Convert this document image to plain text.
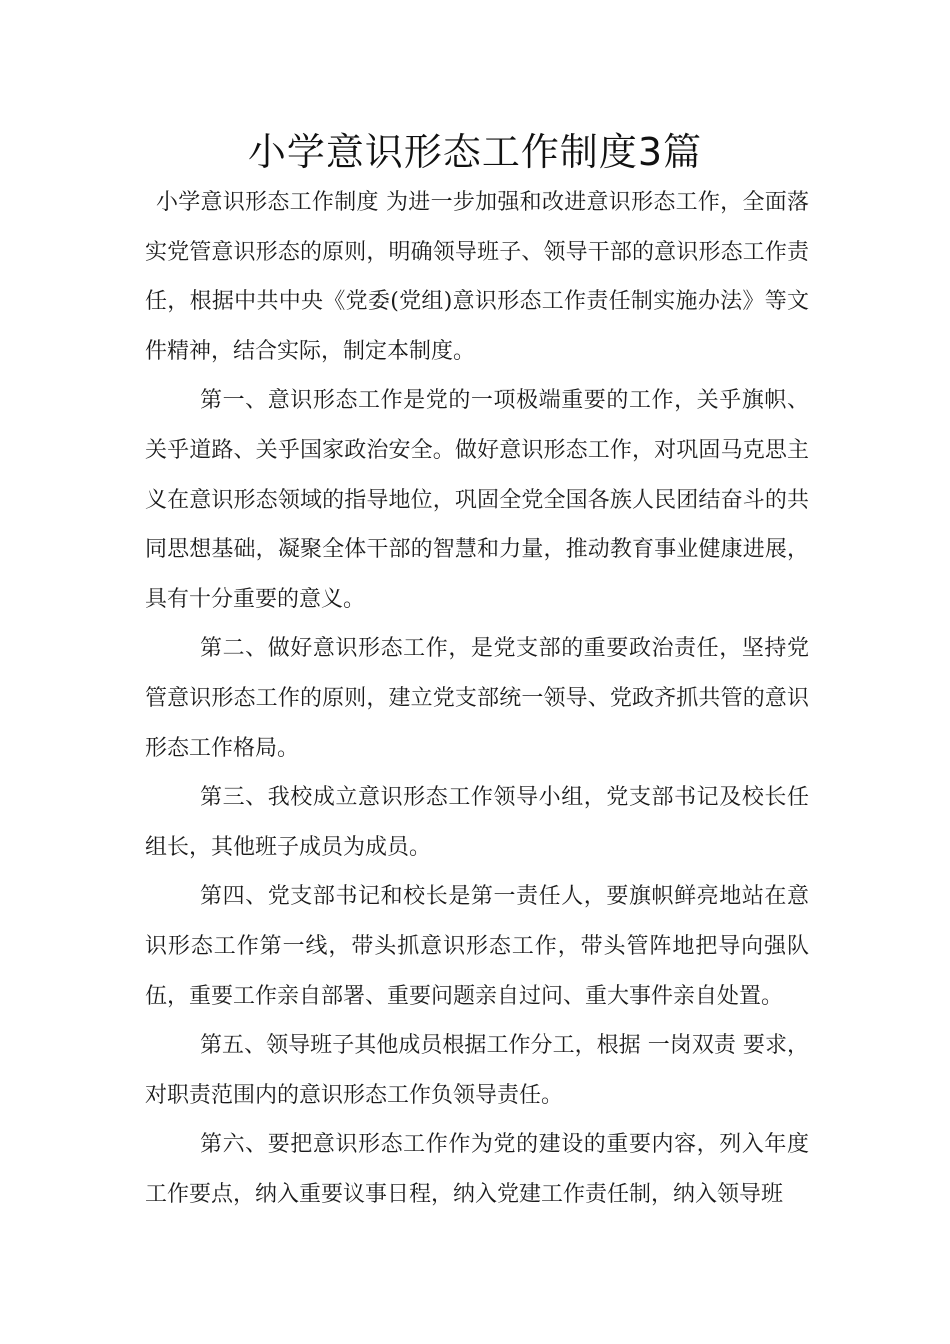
小学意识形态工作制度3篇

小学意识形态工作制度 为进一步加强和改进意识形态工作，全面落实党管意识形态的原则，明确领导班子、领导干部的意识形态工作责任，根据中共中央《党委(党组)意识形态工作责任制实施办法》等文件精神，结合实际，制定本制度。

第一、意识形态工作是党的一项极端重要的工作，关乎旗帜、关乎道路、关乎国家政治安全。做好意识形态工作，对巩固马克思主义在意识形态领域的指导地位，巩固全党全国各族人民团结奋斗的共同思想基础，凝聚全体干部的智慧和力量，推动教育事业健康进展，具有十分重要的意义。

第二、做好意识形态工作，是党支部的重要政治责任，坚持党管意识形态工作的原则，建立党支部统一领导、党政齐抓共管的意识形态工作格局。

第三、我校成立意识形态工作领导小组，党支部书记及校长任组长，其他班子成员为成员。

第四、党支部书记和校长是第一责任人，要旗帜鲜亮地站在意识形态工作第一线，带头抓意识形态工作，带头管阵地把导向强队伍，重要工作亲自部署、重要问题亲自过问、重大事件亲自处置。

第五、领导班子其他成员根据工作分工，根据 一岗双责 要求，对职责范围内的意识形态工作负领导责任。

第六、要把意识形态工作作为党的建设的重要内容，列入年度工作要点，纳入重要议事日程，纳入党建工作责任制，纳入领导班
